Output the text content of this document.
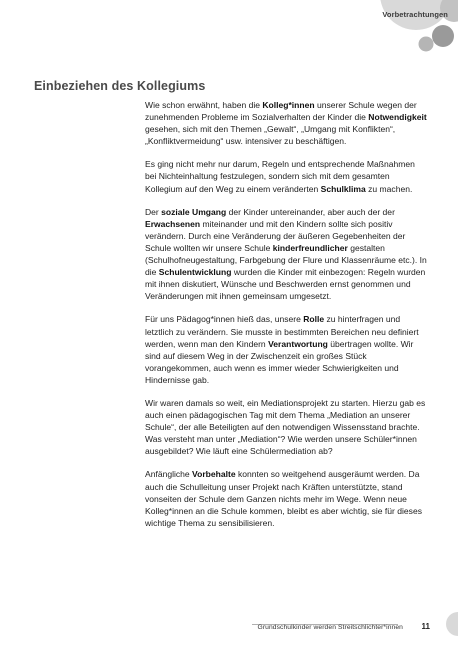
Vorbetrachtungen
Einbeziehen des Kollegiums

Wie schon erwähnt, haben die Kolleg*innen unserer Schule wegen der zunehmenden Probleme im Sozialverhalten der Kinder die Notwendigkeit gesehen, sich mit den Themen „Gewalt“, „Umgang mit Konflikten“, „Konfliktvermeidung“ usw. intensiver zu beschäftigen.

Es ging nicht mehr nur darum, Regeln und entsprechende Maßnahmen bei Nichteinhaltung festzulegen, sondern sich mit dem gesamten Kollegium auf den Weg zu einem veränderten Schulklima zu machen.

Der soziale Umgang der Kinder untereinander, aber auch der der Erwachsenen miteinander und mit den Kindern sollte sich positiv verändern. Durch eine Veränderung der äußeren Gegebenheiten der Schule wollten wir unsere Schule kinderfreundlicher gestalten (Schulhofneugestaltung, Farbgebung der Flure und Klassenräume etc.). In die Schulentwicklung wurden die Kinder mit einbezogen: Regeln wurden mit ihnen diskutiert, Wünsche und Beschwerden ernst genommen und Veränderungen mit ihnen gemeinsam umgesetzt.

Für uns Pädagog*innen hieß das, unsere Rolle zu hinterfragen und letztlich zu verändern. Sie musste in bestimmten Bereichen neu definiert werden, wenn man den Kindern Verantwortung übertragen wollte. Wir sind auf diesem Weg in der Zwischenzeit ein großes Stück vorangekommen, auch wenn es immer wieder Schwierigkeiten und Hindernisse gab.

Wir waren damals so weit, ein Mediationsprojekt zu starten. Hierzu gab es auch einen pädagogischen Tag mit dem Thema „Mediation an unserer Schule“, der alle Beteiligten auf den notwendigen Wissensstand brachte. Was versteht man unter „Mediation“? Wie werden unsere Schüler*innen ausgebildet? Wie läuft eine Schülermediation ab?

Anfängliche Vorbehalte konnten so weitgehend ausgeräumt werden. Da auch die Schulleitung unser Projekt nach Kräften unterstützte, stand vonseiten der Schule dem Ganzen nichts mehr im Wege. Wenn neue Kolleg*innen an die Schule kommen, bleibt es aber wichtig, sie für dieses wichtige Thema zu sensibilisieren.

Grundschulkinder werden Streitschlichter*innen 11
